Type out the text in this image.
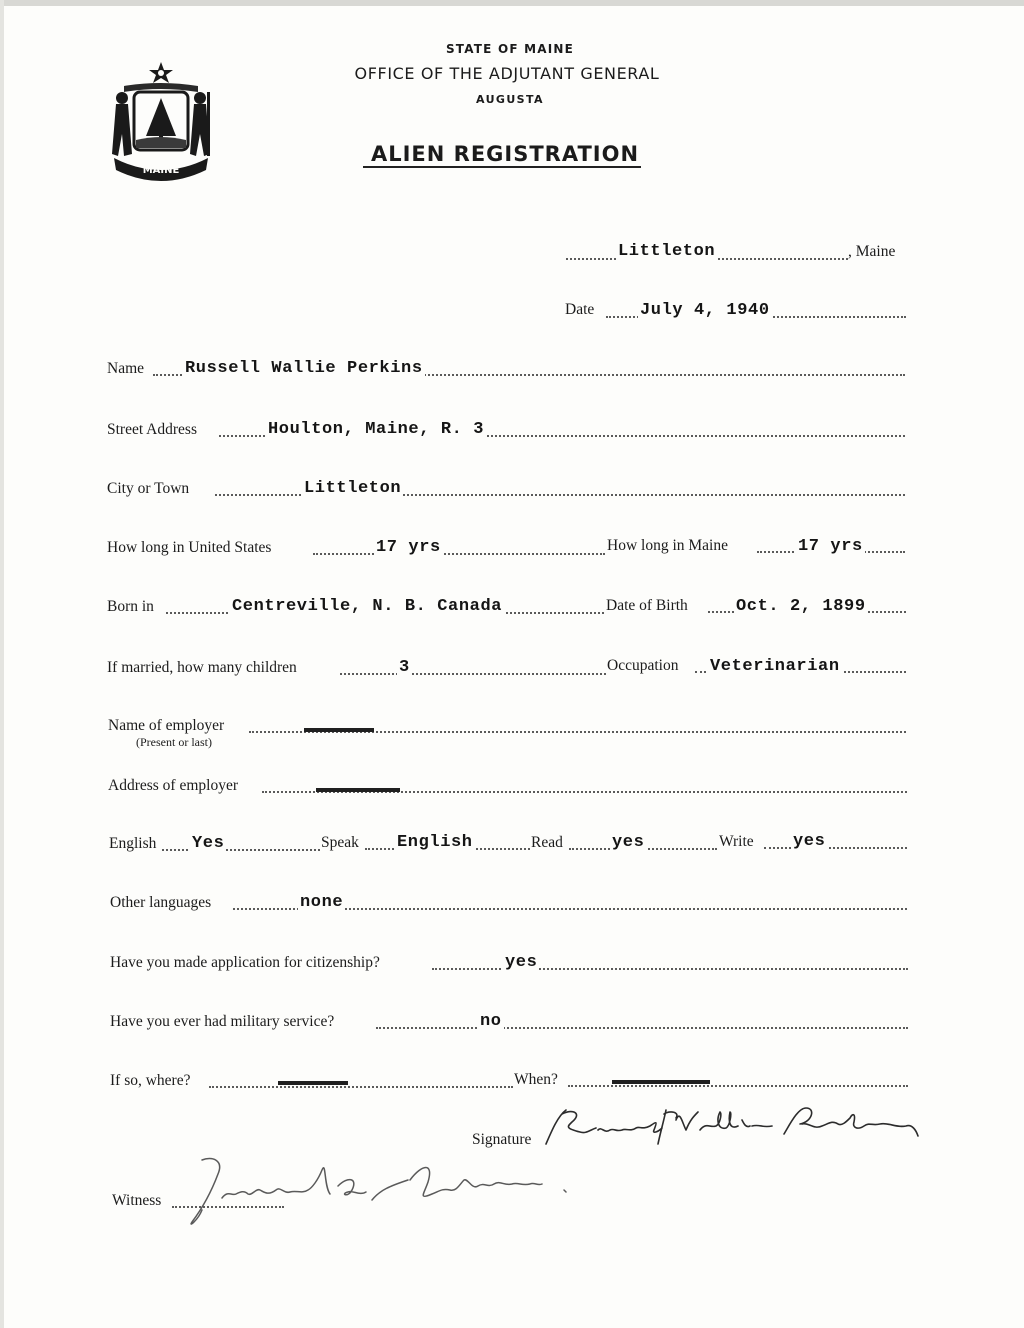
MAINE
STATE OF MAINE
OFFICE OF THE ADJUTANT GENERAL
AUGUSTA
ALIEN REGISTRATION
Littleton	, Maine
Date	July 4, 1940
Name Russell Wallie Perkins
Street Address	Houlton, Maine, R. 3
City or Town	Littleton
How long in United States	17 yrs	How long in Maine	17 yrs
Born in	Centreville, N. B. Canada	Date of Birth	Oct. 2, 1899
If married, how many children	3	Occupation Veterinarian
Name of employer
(Present or last)
Address of employer
English Yes	Speak English	Read	yes	Write yes
Other languages	none
Have you made application for citizenship?	yes
Have you ever had military service?	no
If so, where?	When?
Signature
Witness
